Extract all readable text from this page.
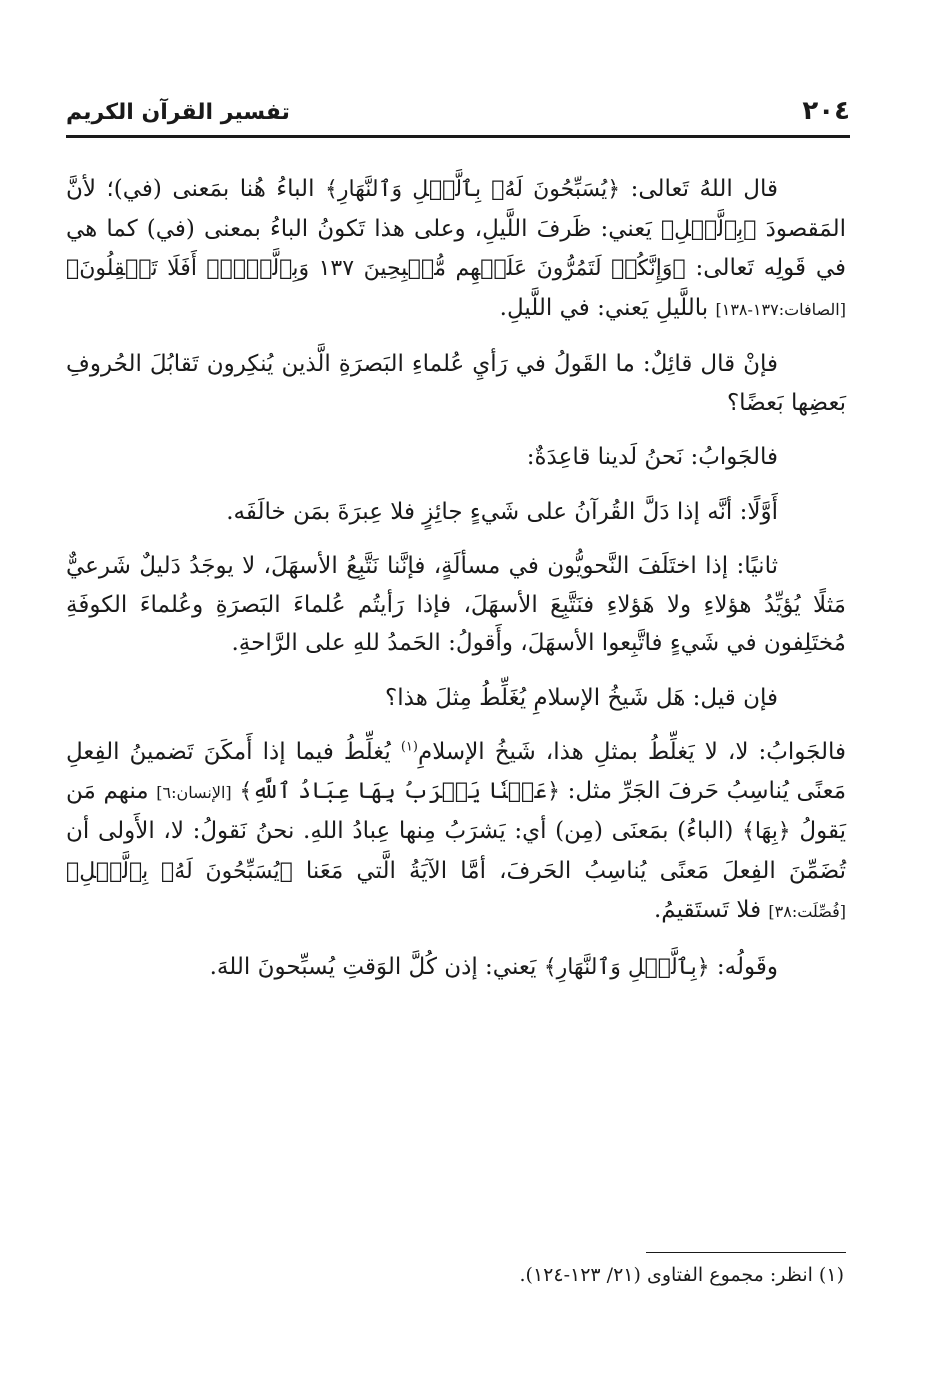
٢٠٤
تفسير القرآن الكريم

قال اللهُ تَعالى: ﴿يُسَبِّحُونَ لَهُۥ بِٱلَّيۡلِ وَٱلنَّهَارِ﴾ الباءُ هُنا بمَعنى (في)؛ لأنَّ المَقصودَ ﴿بِٱلَّيۡلِ﴾ يَعني: ظَرفَ اللَّيلِ، وعلى هذا تَكونُ الباءُ بمعنى (في) كما هي في قَولِه تَعالى: ﴿وَإِنَّكُمۡ لَتَمُرُّونَ عَلَيۡهِم مُّصۡبِحِينَ ١٣٧ وَبِٱلَّيۡلِۚ أَفَلَا تَعۡقِلُونَ﴾ [الصافات:١٣٧-١٣٨] باللَّيلِ يَعني: في اللَّيلِ.

فإنْ قال قائِلٌ: ما القَولُ في رَأيِ عُلماءِ البَصرَةِ الَّذين يُنكِرون تَقابُلَ الحُروفِ بَعضِها بَعضًا؟

فالجَوابُ: نَحنُ لَدينا قاعِدَةٌ:

أَوَّلًا: أنَّه إذا دَلَّ القُرآنُ على شَيءٍ جائِزٍ فلا عِبرَةَ بمَن خالَفَه.

ثانيًا: إذا اختَلَفَ النَّحويُّون في مسألَةٍ، فإنَّنا نَتَّبِعُ الأسهَلَ، لا يوجَدُ دَليلٌ شَرعيٌّ مَثلًا يُؤيِّدُ هؤلاءِ ولا هَؤلاءِ فنَتَّبِعَ الأسهَلَ، فإذا رَأيتُم عُلماءَ البَصرَةِ وعُلماءَ الكوفَةِ مُختَلِفون في شَيءٍ فاتَّبِعوا الأسهَلَ، وأَقولُ: الحَمدُ للهِ على الرَّاحةِ.

فإن قيل: هَل شَيخُ الإسلامِ يُغَلِّطُ مِثلَ هذا؟

فالجَوابُ: لا، لا يَغلِّطُ بمثلِ هذا، شَيخُ الإسلامِ$^{(١)}$ يُغلِّطُ فيما إذا أَمكَنَ تَضمينُ الفِعلِ مَعنًى يُناسِبُ حَرفَ الجَرِّ مثل: ﴿عَيۡنٗا يَشۡرَبُ بِهَا عِبَادُ ٱللَّهِ﴾ [الإنسان:٦] منهم مَن يَقولُ ﴿بِهَا﴾ (الباءُ) بمَعنَى (مِن) أي: يَشرَبُ مِنها عِبادُ اللهِ. نحنُ نَقولُ: لا، الأَولى أن تُضَمِّنَ الفِعلَ مَعنًى يُناسِبُ الحَرفَ، أمَّا الآيَةُ الَّتي مَعَنا ﴿يُسَبِّحُونَ لَهُۥ بِٱلَّيۡلِ﴾ [فُصِّلَت:٣٨] فلا تَستَقيمُ.

وقَولُه: ﴿بِٱلَّيۡلِ وَٱلنَّهَارِ﴾ يَعني: إذن كُلَّ الوَقتِ يُسبِّحونَ اللهَ.

(١) انظر: مجموع الفتاوى (٢١/ ١٢٣-١٢٤).
